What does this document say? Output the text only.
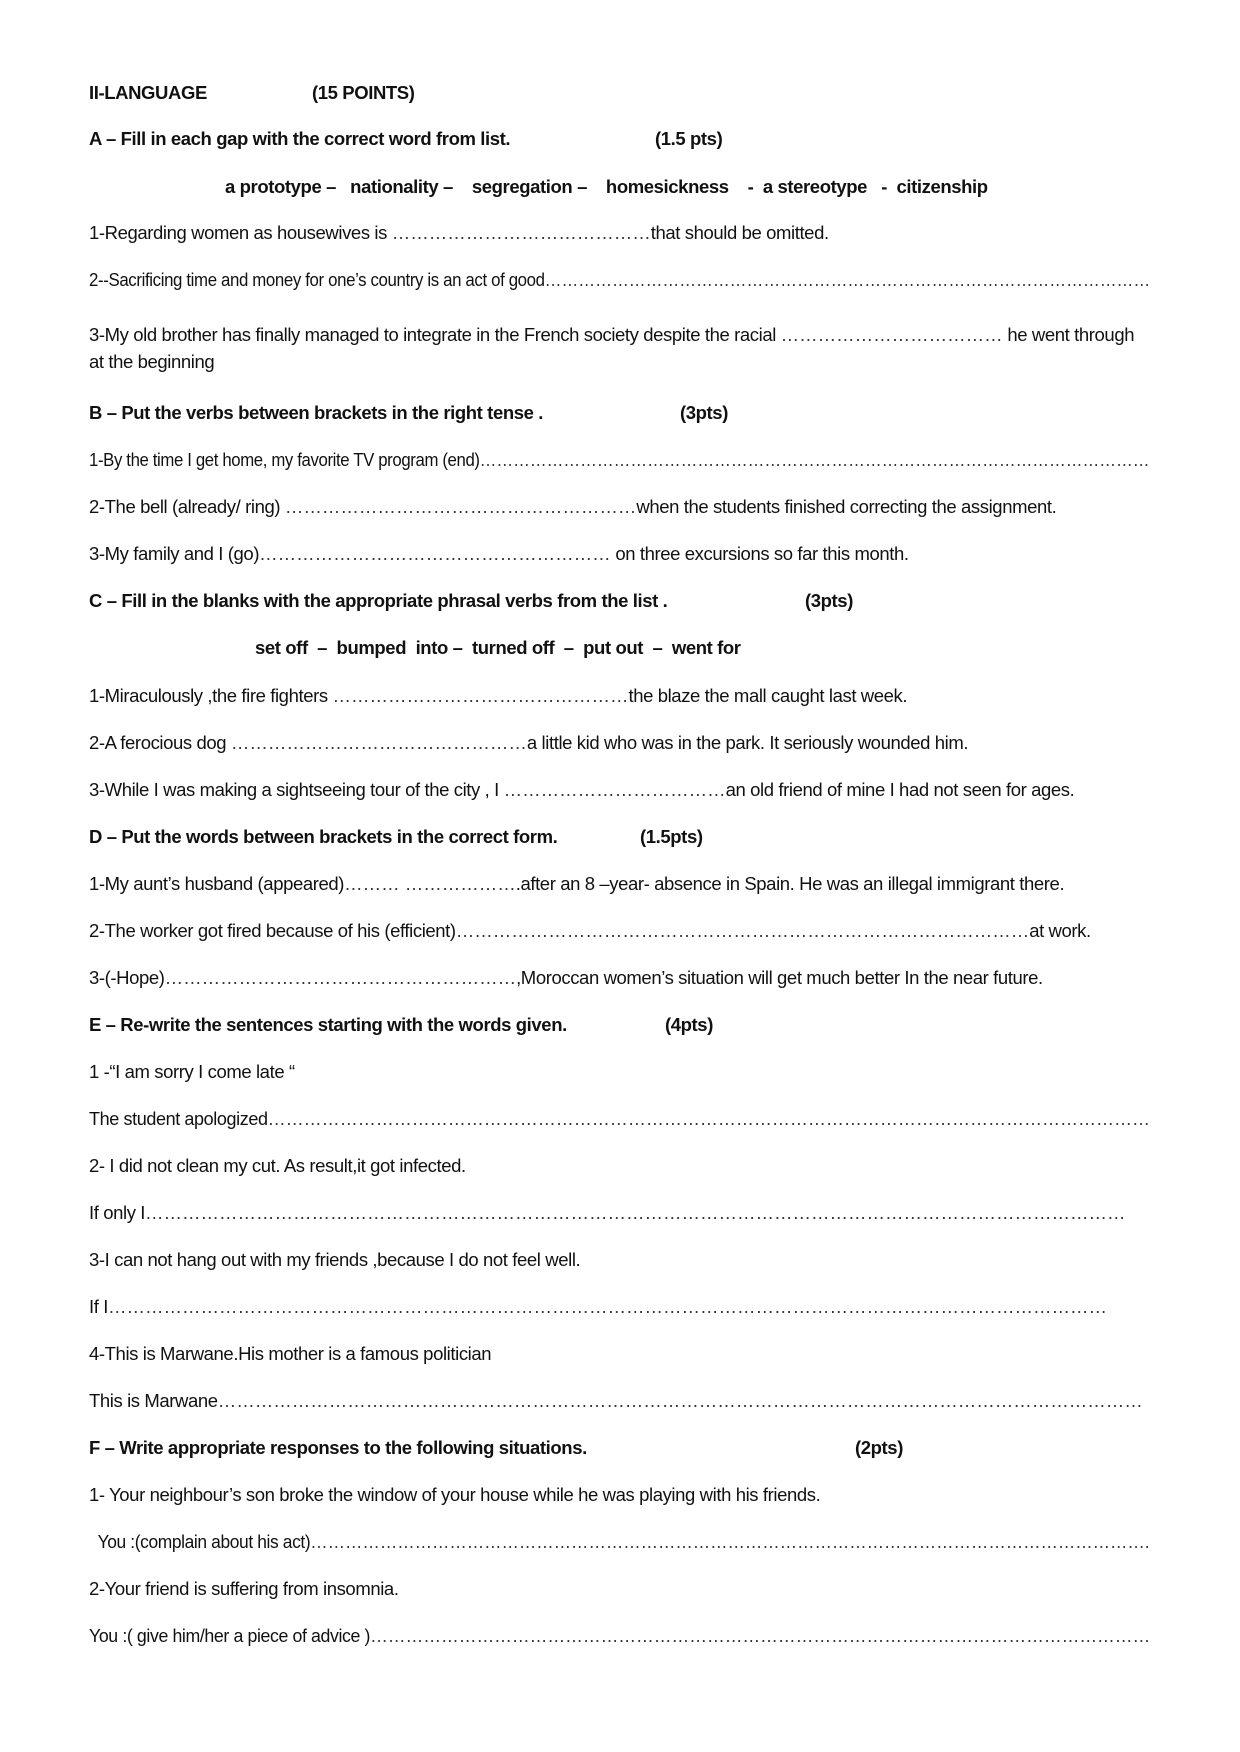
II-LANGUAGE	(15 POINTS)
A – Fill in each gap with the correct word from list.	(1.5 pts)
a prototype –   nationality –    segregation –    homesickness    -  a stereotype   -  citizenship
1-Regarding women as housewives is ……………………………………that should be omitted.
2--Sacrificing time and money for one’s country is an act of good………………………………………………………………………………………………
3-My old brother has finally managed to integrate in the French society despite the racial ……………………………… he went through at the beginning
B – Put the verbs between brackets in the right tense .	(3pts)
1-By the time I get home, my favorite TV program (end)…………………………………………………………………………………………………………
2-The bell (already/ ring) …………………………………………………when the students finished correcting the assignment.
3-My family and I (go)………………………………………………… on three excursions so far this month.
C – Fill in the blanks with the appropriate phrasal verbs from the list .	(3pts)
set off  –  bumped  into –  turned off  –  put out  –  went for
1-Miraculously ,the fire fighters …………………………………………the blaze the mall caught last week.
2-A ferocious dog …………………………………………a little kid who was in the park. It seriously wounded him.
3-While I was making a sightseeing tour of the city , I ………………………………an old friend of mine I had not seen for ages.
D – Put the words between brackets in the correct form.	(1.5pts)
1-My aunt’s husband (appeared)……… ……………….after an 8 –year- absence in Spain. He was an illegal immigrant there.
2-The worker got fired because of his (efficient)…………………………………………………………………………………at work.
3-(-Hope)…………………………………………………,Moroccan women’s situation will get much better In the near future.
E – Re-write the sentences starting with the words given.	(4pts)
1 -“I am sorry I come late “
The student apologized…………………………………………………………………………………………………………………………………
2- I did not clean my cut. As result,it got infected.
If only I……………………………………………………………………………………………………………………………………………
3-I can not hang out with my friends ,because I do not feel well.
If I………………………………………………………………………………………………………………………………………………
4-This is Marwane.His mother is a famous politician
This is Marwane……………………………………………………………………………………………………………………………………
F – Write appropriate responses to the following situations.	(2pts)
1- Your neighbour’s son broke the window of your house while he was playing with his friends.
You :(complain about his act)……………………………………………………………………………………………………………………………….
2-Your friend is suffering from insomnia.
You :( give him/her a piece of advice )……………………………………………………………………………………………………………………
